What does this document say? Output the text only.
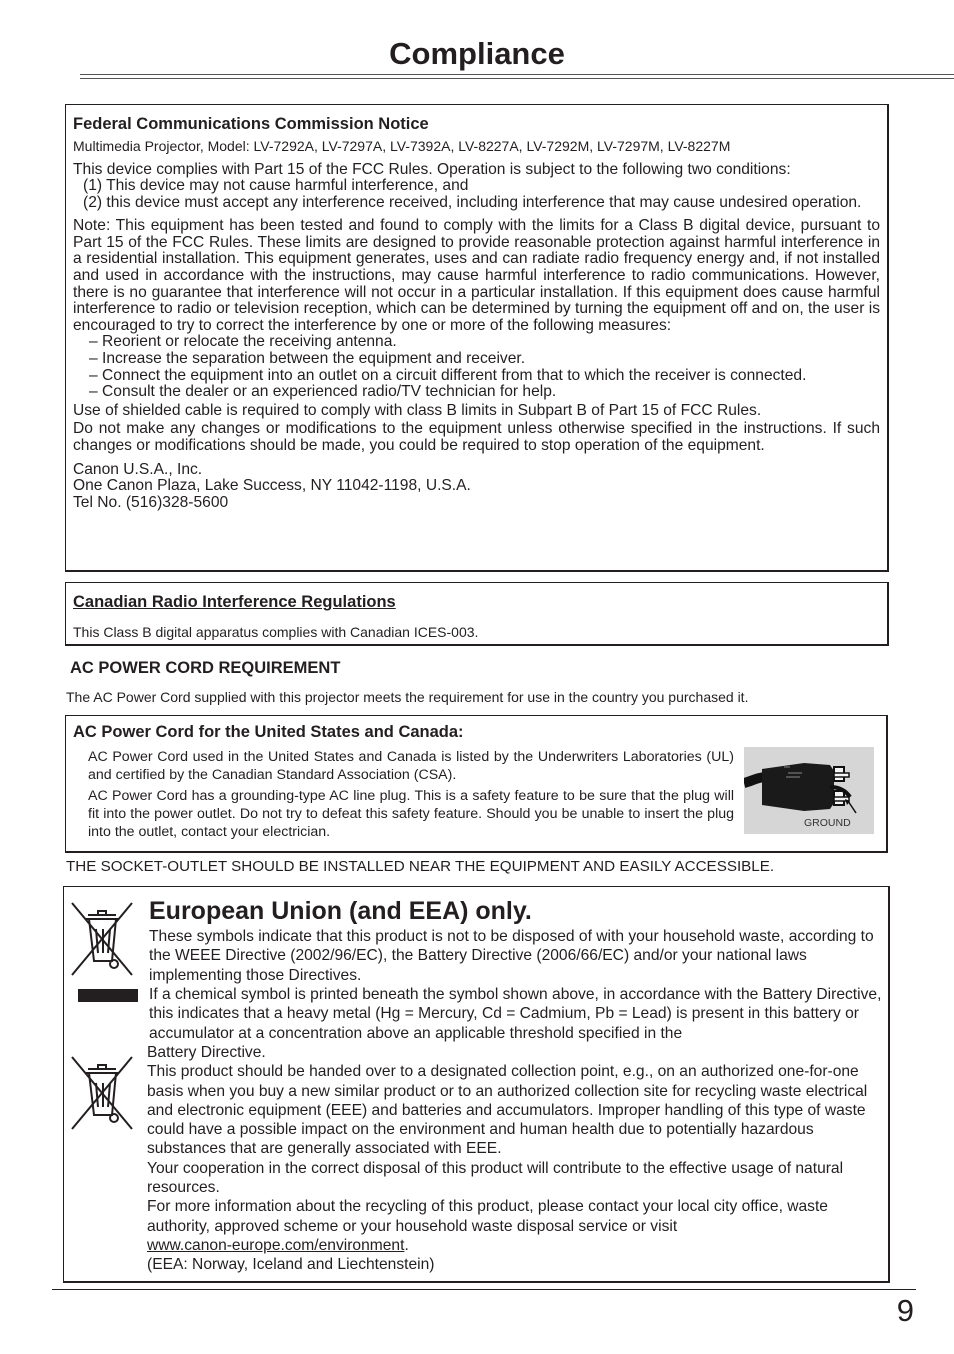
Compliance
Federal Communications Commission Notice
Multimedia Projector, Model: LV-7292A, LV-7297A, LV-7392A, LV-8227A, LV-7292M, LV-7297M, LV-8227M
This device complies with Part 15 of the FCC Rules. Operation is subject to the following two conditions:
(1) This device may not cause harmful interference, and
(2) this device must accept any interference received, including interference that may cause undesired operation.
Note: This equipment has been tested and found to comply with the limits for a Class B digital device, pursuant to Part 15 of the FCC Rules. These limits are designed to provide reasonable protection against harmful interference in a residential installation. This equipment generates, uses and can radiate radio frequency energy and, if not installed and used in accordance with the instructions, may cause harmful interference to radio communications. However, there is no guarantee that interference will not occur in a particular installation. If this equipment does cause harmful interference to radio or television reception, which can be determined by turning the equipment off and on, the user is encouraged to try to correct the interference by one or more of the following measures:
– Reorient or relocate the receiving antenna.
– Increase the separation between the equipment and receiver.
– Connect the equipment into an outlet on a circuit different from that to which the receiver is connected.
– Consult the dealer or an experienced radio/TV technician for help.
Use of shielded cable is required to comply with class B limits in Subpart B of Part 15 of FCC Rules.
Do not make any changes or modifications to the equipment unless otherwise specified in the instructions. If such changes or modifications should be made, you could be required to stop operation of the equipment.
Canon U.S.A., Inc.
One Canon Plaza, Lake Success, NY 11042-1198, U.S.A.
Tel No. (516)328-5600
Canadian Radio Interference Regulations
This Class B digital apparatus complies with Canadian ICES-003.
AC POWER CORD REQUIREMENT
The AC Power Cord supplied with this projector meets the requirement for use in the country you purchased it.
AC Power Cord for the United States and Canada:
AC Power Cord used in the United States and Canada is listed by the Underwriters Laboratories (UL) and certified by the Canadian Standard Association (CSA).
AC Power Cord has a grounding-type AC line plug. This is a safety feature to be sure that the plug will fit into the power outlet. Do not try to defeat this safety feature. Should you be unable to insert the plug into the outlet, contact your electrician.
GROUND
THE SOCKET-OUTLET SHOULD BE INSTALLED NEAR THE EQUIPMENT AND EASILY ACCESSIBLE.
European Union (and EEA) only.
These symbols indicate that this product is not to be disposed of with your household waste, according to the WEEE Directive (2002/96/EC), the Battery Directive (2006/66/EC) and/or your national laws implementing those Directives.
If a chemical symbol is printed beneath the symbol shown above, in accordance with the Battery Directive, this indicates that a heavy metal (Hg = Mercury, Cd = Cadmium, Pb = Lead) is present in this battery or accumulator at a concentration above an applicable threshold specified in the
Battery Directive.
This product should be handed over to a designated collection point, e.g., on an authorized one-for-one basis when you buy a new similar product or to an authorized collection site for recycling waste electrical and electronic equipment (EEE) and batteries and accumulators. Improper handling of this type of waste could have a possible impact on the environment and human health due to potentially hazardous substances that are generally associated with EEE.
Your cooperation in the correct disposal of this product will contribute to the effective usage of natural resources.
For more information about the recycling of this product, please contact your local city office, waste authority, approved scheme or your household waste disposal service or visit
www.canon-europe.com/environment.
(EEA: Norway, Iceland and Liechtenstein)
9
